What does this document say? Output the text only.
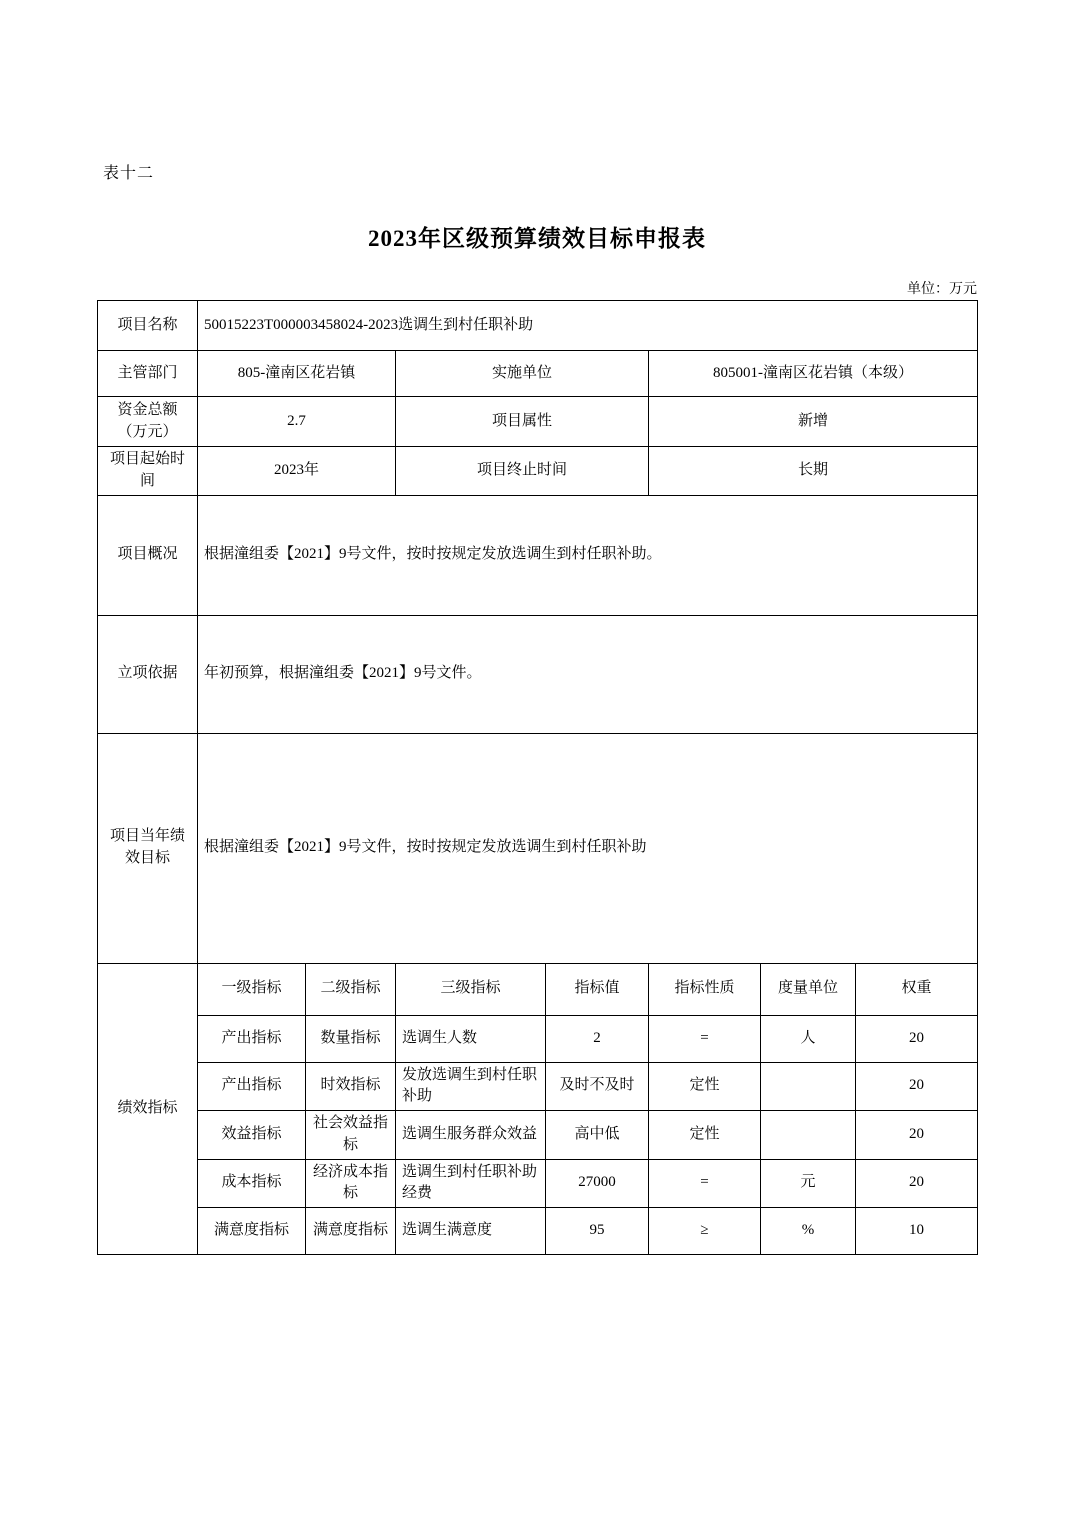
表十二
2023年区级预算绩效目标申报表
单位：万元
项目名称	50015223T000003458024-2023选调生到村任职补助						
主管部门	805-潼南区花岩镇		实施单位		805001-潼南区花岩镇（本级）		
资金总额（万元）	2.7		项目属性		新增		
项目起始时间	2023年		项目终止时间		长期		
项目概况	根据潼组委【2021】9号文件，按时按规定发放选调生到村任职补助。						
立项依据	年初预算，根据潼组委【2021】9号文件。						
项目当年绩效目标	根据潼组委【2021】9号文件，按时按规定发放选调生到村任职补助						
绩效指标	一级指标	二级指标	三级指标	指标值	指标性质	度量单位	权重
	产出指标	数量指标	选调生人数	2	=	人	20
	产出指标	时效指标	发放选调生到村任职补助	及时不及时	定性		20
	效益指标	社会效益指标	选调生服务群众效益	高中低	定性		20
	成本指标	经济成本指标	选调生到村任职补助经费	27000	=	元	20
	满意度指标	满意度指标	选调生满意度	95	≥	%	10
